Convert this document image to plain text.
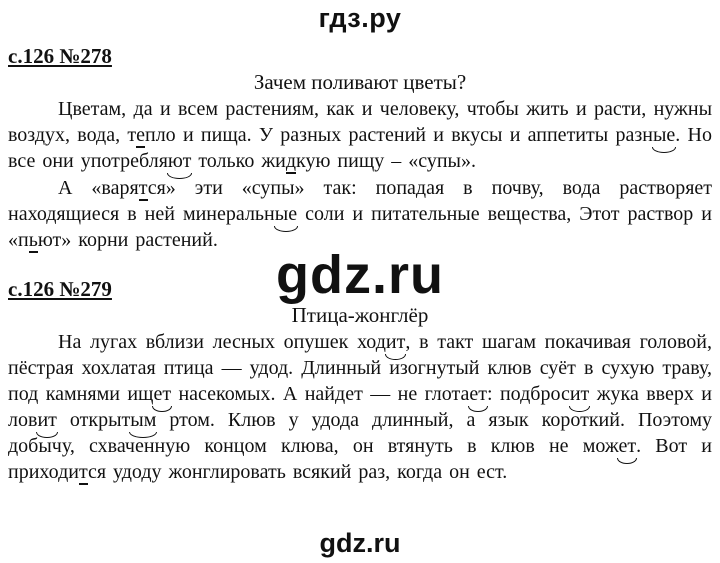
гдз.ру
с.126 №278
Зачем поливают цветы?

Цветам, да и всем растениям, как и человеку, чтобы жить и расти, нужны воздух, вода, тепло и пища. У разных растений и вкусы и аппетиты разные. Но все они употребляют только жидкую пищу – «супы».

А «варятся» эти «супы» так: попадая в почву, вода растворяет находящиеся в ней минеральные соли и питательные вещества, Этот раствор и «пьют» корни растений.

gdz.ru
с.126 №279
Птица-жонглёр

На лугах вблизи лесных опушек ходит, в такт шагам покачивая головой, пёстрая хохлатая птица — удод. Длинный изогнутый клюв суёт в сухую траву, под камнями ищет насекомых. А найдет — не глотает: подбросит жука вверх и ловит открытым ртом. Клюв у удода длинный, а язык короткий. Поэтому добычу, схваченную концом клюва, он втянуть в клюв не может. Вот и приходится удоду жонглировать всякий раз, когда он ест.

gdz.ru
